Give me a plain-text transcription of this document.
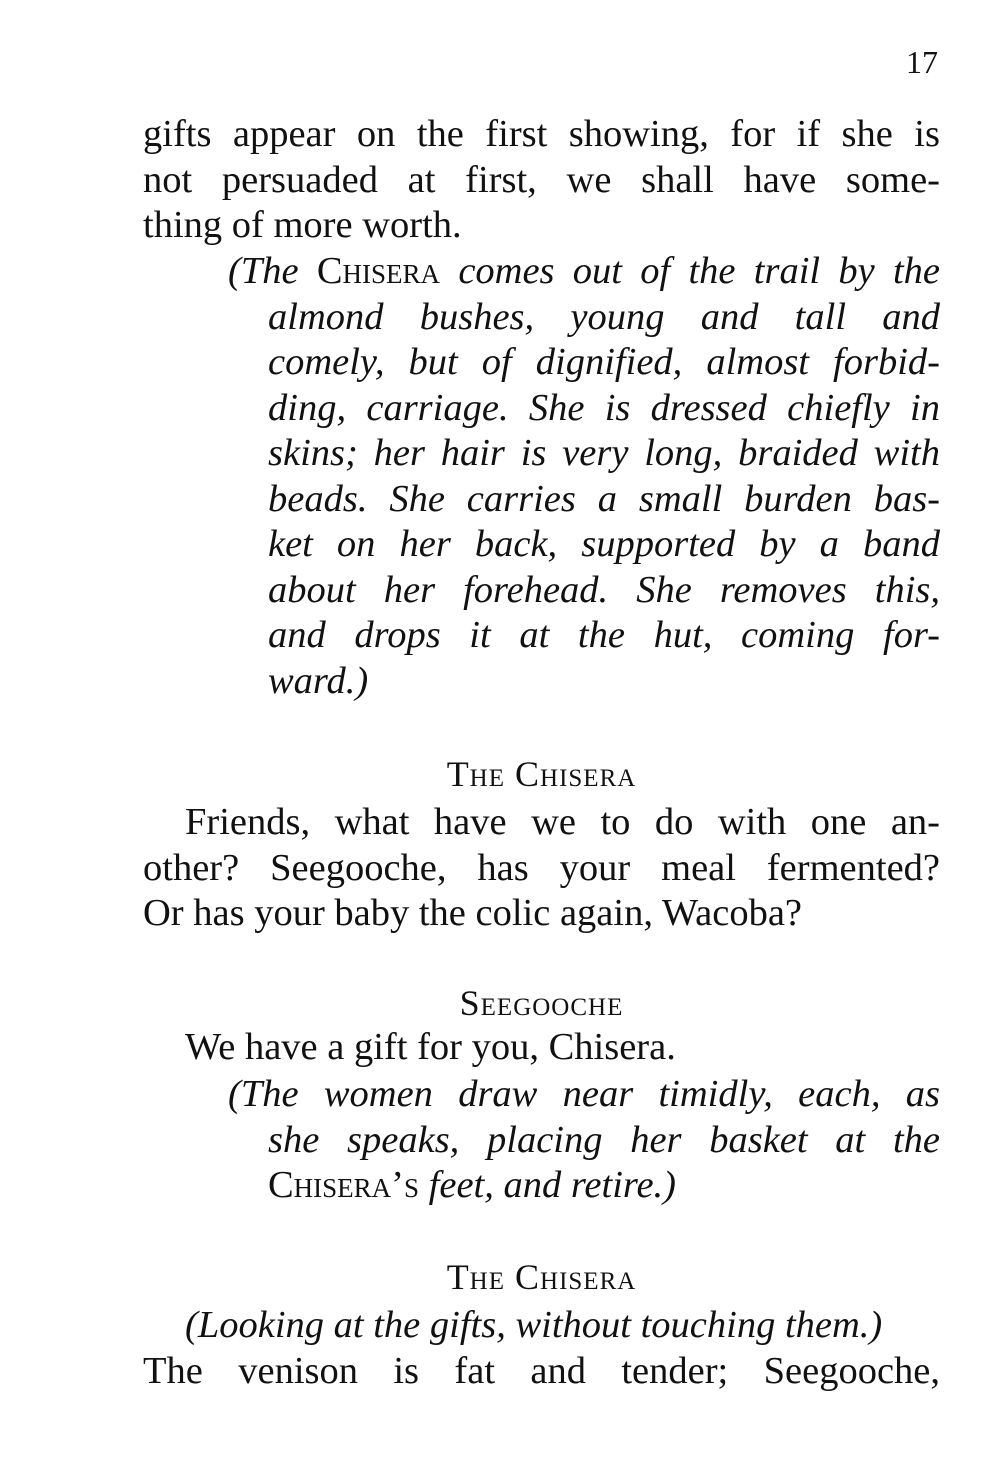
17
gifts appear on the first showing, for if she is
not persuaded at first, we shall have some-
thing of more worth.
(The Chisera comes out of the trail by the
almond bushes, young and tall and
comely, but of dignified, almost forbid-
ding, carriage. She is dressed chiefly in
skins; her hair is very long, braided with
beads. She carries a small burden bas-
ket on her back, supported by a band
about her forehead. She removes this,
and drops it at the hut, coming for-
ward.)
The Chisera
Friends, what have we to do with one an-
other? Seegooche, has your meal fermented?
Or has your baby the colic again, Wacoba?
Seegooche
We have a gift for you, Chisera.
(The women draw near timidly, each, as
she speaks, placing her basket at the
Chisera’s feet, and retire.)
The Chisera
(Looking at the gifts, without touching them.)
The venison is fat and tender; Seegooche,
